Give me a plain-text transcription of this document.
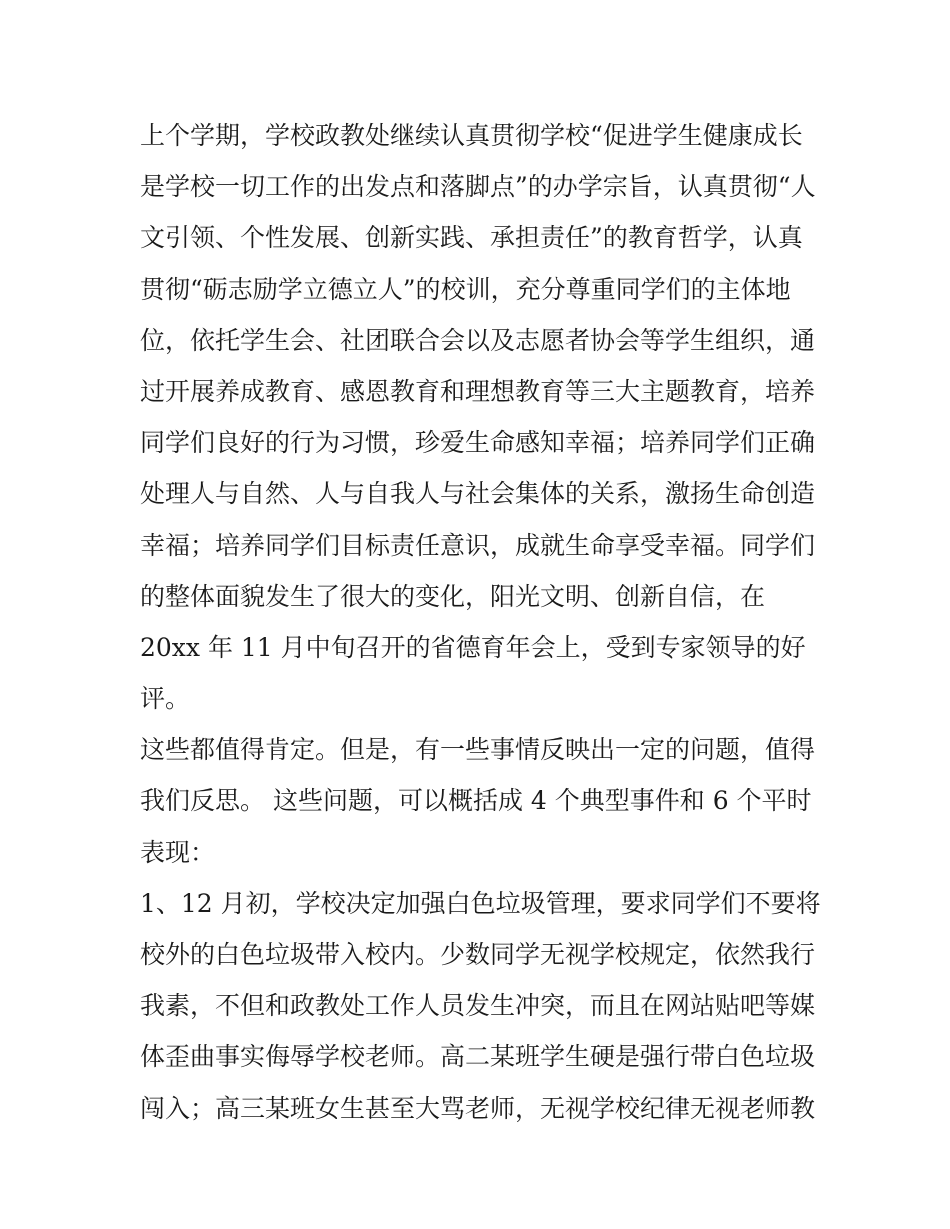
上个学期，学校政教处继续认真贯彻学校“促进学生健康成长
是学校一切工作的出发点和落脚点”的办学宗旨，认真贯彻“人
文引领、个性发展、创新实践、承担责任”的教育哲学，认真
贯彻“砺志励学立德立人”的校训，充分尊重同学们的主体地
位，依托学生会、社团联合会以及志愿者协会等学生组织，通
过开展养成教育、感恩教育和理想教育等三大主题教育，培养
同学们良好的行为习惯，珍爱生命感知幸福；培养同学们正确
处理人与自然、人与自我人与社会集体的关系，激扬生命创造
幸福；培养同学们目标责任意识，成就生命享受幸福。同学们
的整体面貌发生了很大的变化，阳光文明、创新自信，在
20xx 年 11 月中旬召开的省德育年会上，受到专家领导的好
评。
这些都值得肯定。但是，有一些事情反映出一定的问题，值得
我们反思。 这些问题，可以概括成 4 个典型事件和 6 个平时
表现：
1、12 月初，学校决定加强白色垃圾管理，要求同学们不要将
校外的白色垃圾带入校内。少数同学无视学校规定，依然我行
我素，不但和政教处工作人员发生冲突，而且在网站贴吧等媒
体歪曲事实侮辱学校老师。高二某班学生硬是强行带白色垃圾
闯入；高三某班女生甚至大骂老师，无视学校纪律无视老师教
